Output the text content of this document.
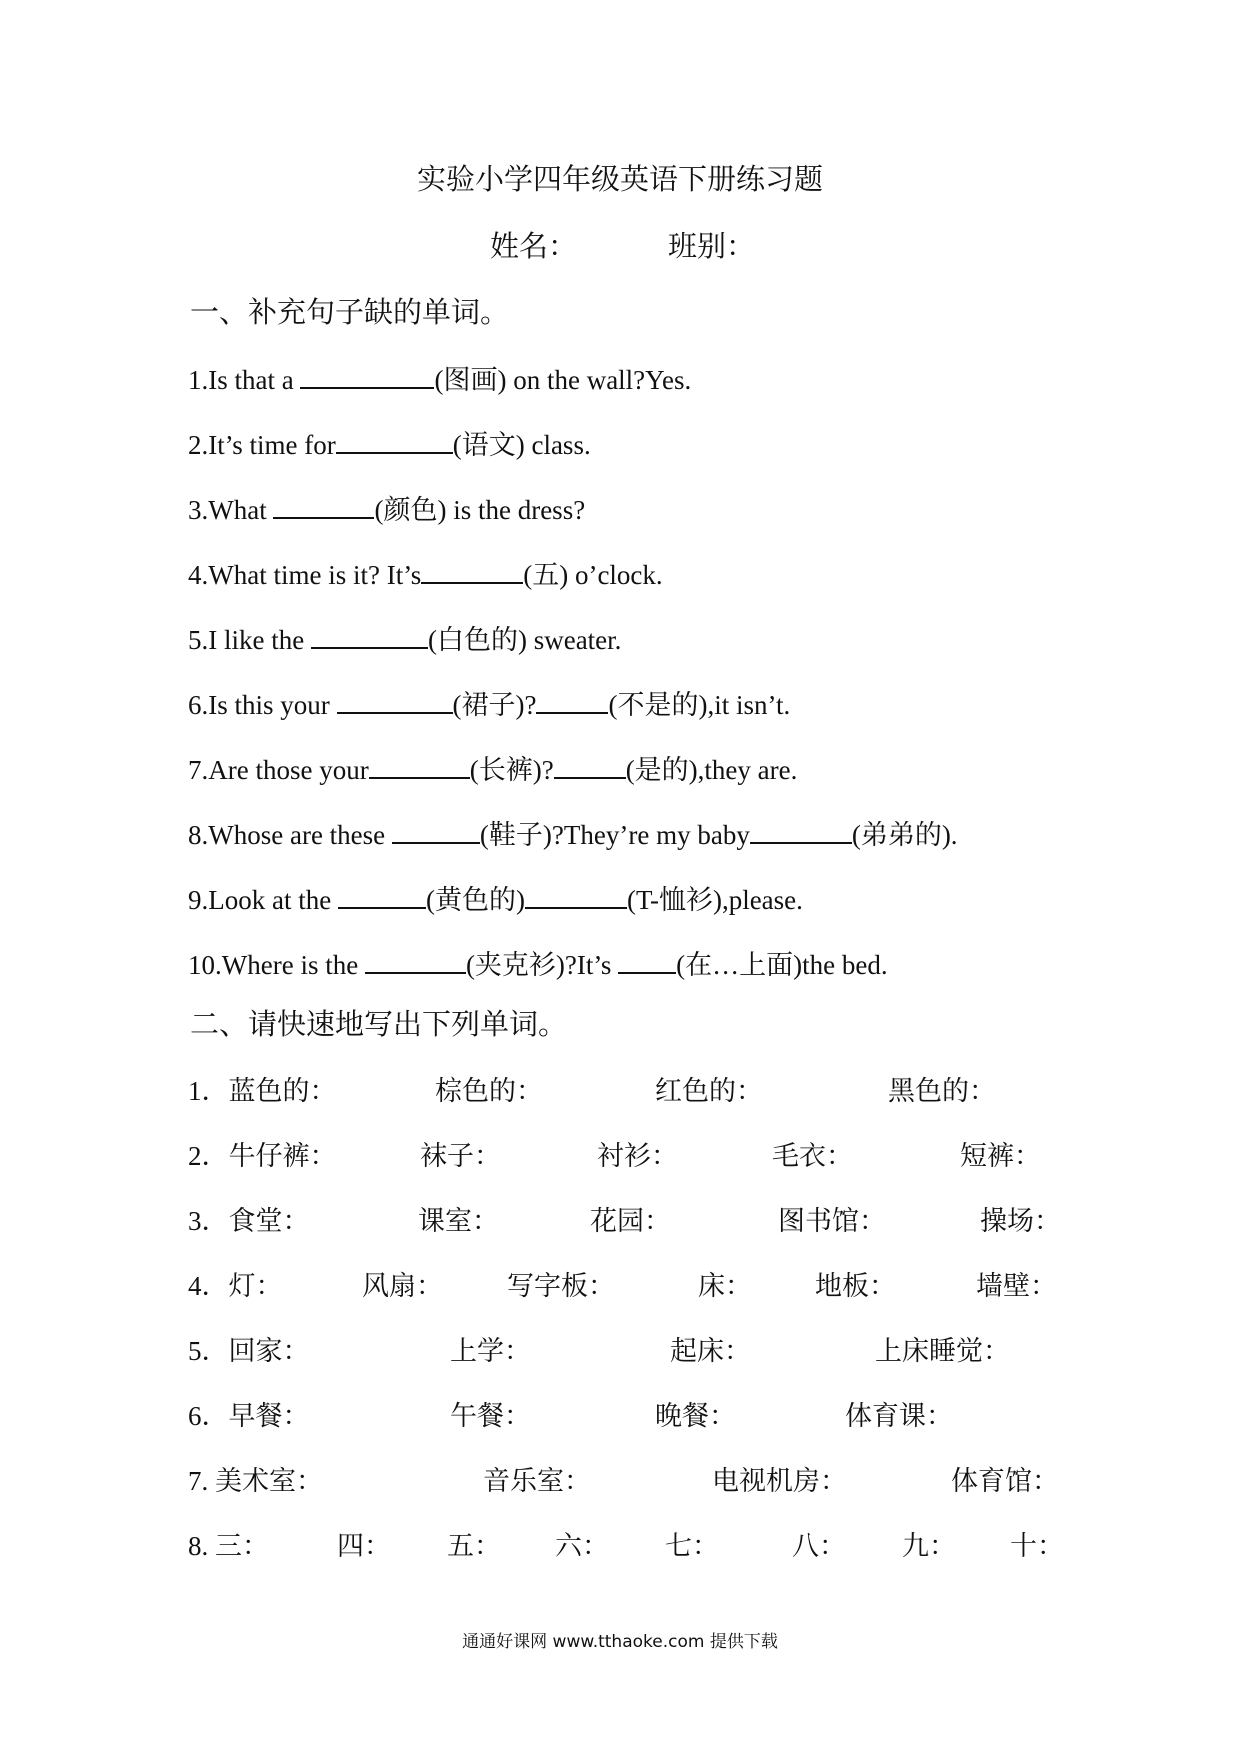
实验小学四年级英语下册练习题
姓名：	班别：
一、补充句子缺的单词。
1.Is that a	(图画) on the wall?Yes.
2.It’s time for	(语文) class.
3.What	(颜色) is the dress?
4.What time is it? It’s	(五) o’clock.
5.I like the	(白色的) sweater.
6.Is this your	(裙子)?	(不是的),it isn’t.
7.Are those your	(长裤)?	(是的),they are.
8.Whose are these	(鞋子)?They’re my baby	(弟弟的).
9.Look at the	(黄色的)	(T-恤衫),please.
10.Where is the	(夹克衫)?It’s (在…上面)the bed.
二、请快速地写出下列单词。
1．蓝色的：	棕色的：	红色的：	黑色的：
2．牛仔裤：	袜子：	衬衫：	毛衣：	短裤：
3．食堂：	课室：	花园：	图书馆：	操场：
4．灯：	风扇： 写字板：	床： 地板：	墙壁：
5．回家：	上学：	起床：	上床睡觉：
6．早餐：	午餐：	晚餐：	体育课：
7. 美术室：	音乐室：	电视机房：	体育馆：
8. 三：	四： 五： 六： 七：	八： 九： 十：
通通好课网 www.tthaoke.com 提供下载
